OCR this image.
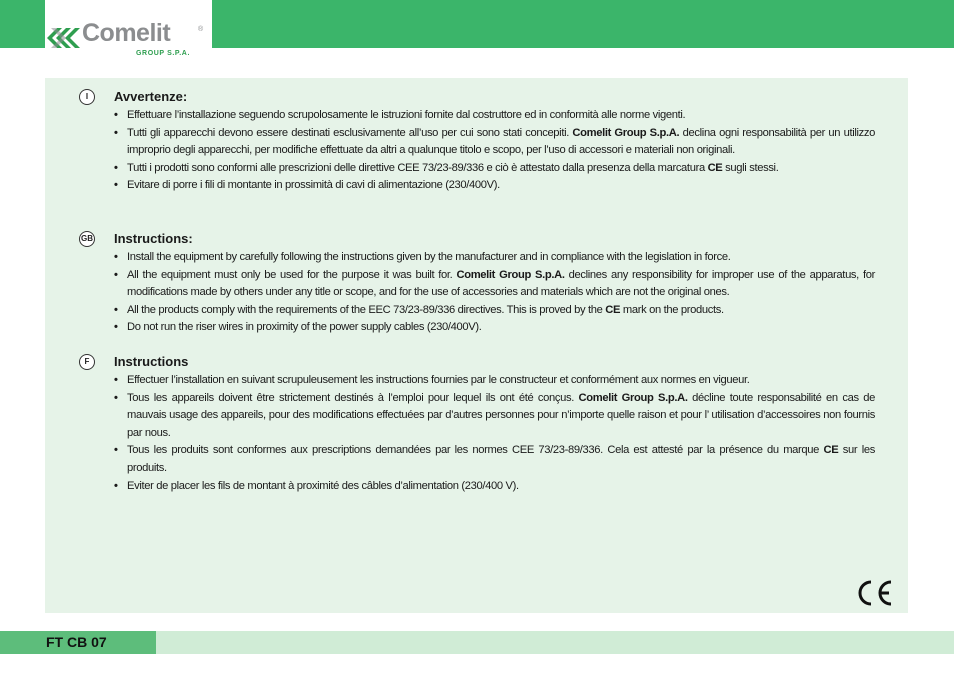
Comelit	®
GROUP S.P.A.
I	Avvertenze:
• Effettuare l’installazione seguendo scrupolosamente le istruzioni fornite dal costruttore ed in conformità alle norme vigenti.
• Tutti gli apparecchi devono essere destinati esclusivamente all’uso per cui sono stati concepiti. Comelit Group S.p.A. declina ogni responsabilità per un utilizzo improprio degli apparecchi, per modifiche effettuate da altri a qualunque titolo e scopo, per l’uso di accessori e materiali non originali.
• Tutti i prodotti sono conformi alle prescrizioni delle direttive CEE 73/23-89/336 e ciò è attestato dalla presenza della marcatura CE sugli stessi.
• Evitare di porre i fili di montante in prossimità di cavi di alimentazione (230/400V).
GB Instructions:
• Install the equipment by carefully following the instructions given by the manufacturer and in compliance with the legislation in force.
• All the equipment must only be used for the purpose it was built for. Comelit Group S.p.A. declines any responsibility for improper use of the apparatus, for modifications made by others under any title or scope, and for the use of accessories and materials which are not the original ones.
• All the products comply with the requirements of the EEC 73/23-89/336 directives. This is proved by the CE mark on the products.
• Do not run the riser wires in proximity of the power supply cables (230/400V).
F	Instructions
• Effectuer l’installation en suivant scrupuleusement les instructions fournies par le constructeur et conformément aux normes en vigueur.
• Tous les appareils doivent être strictement destinés à l’emploi pour lequel ils ont été conçus. Comelit Group S.p.A. décline toute responsabilité en cas de mauvais usage des appareils, pour des modifications effectuées par d’autres personnes pour n’importe quelle raison et pour l’ utilisation d’accessoires non fournis par nous.
• Tous les produits sont conformes aux prescriptions demandées par les normes CEE 73/23-89/336. Cela est attesté par la présence du marque CE sur les produits.
• Eviter de placer les fils de montant à proximité des câbles d’alimentation (230/400 V).
FT CB 07
